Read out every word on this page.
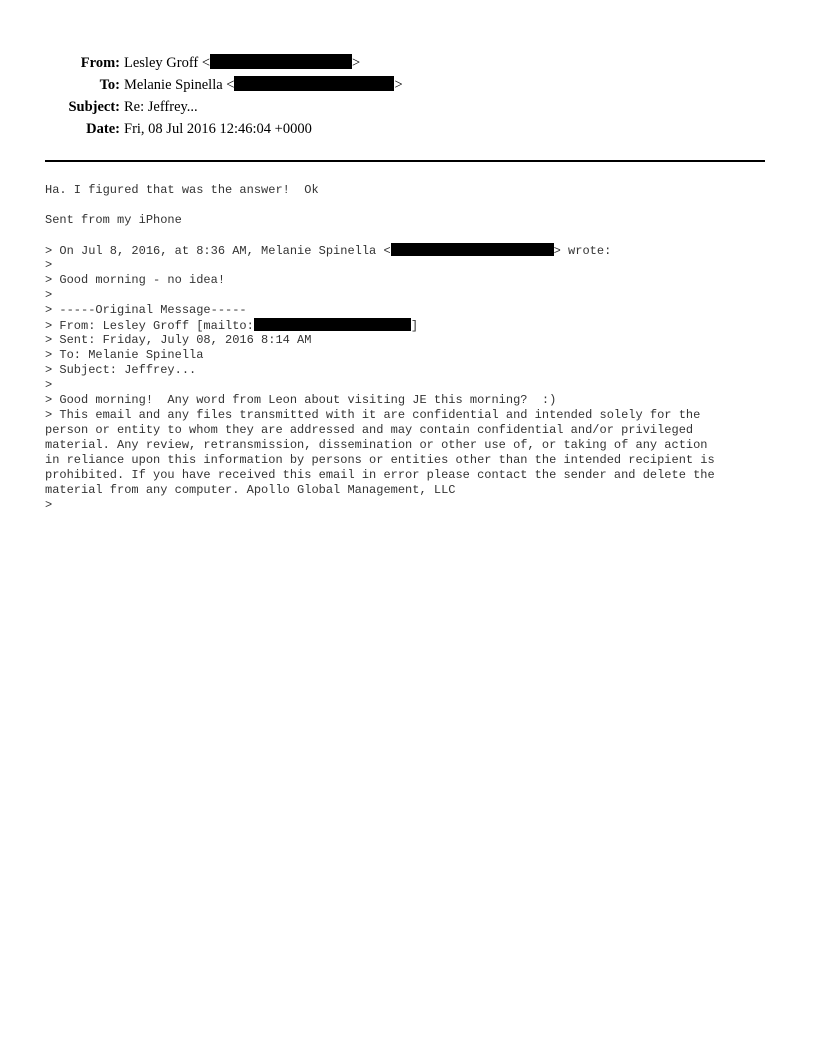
From: Lesley Groff <	>
To: Melanie Spinella <	>
Subject: Re: Jeffrey...
Date: Fri, 08 Jul 2016 12:46:04 +0000
Ha. I figured that was the answer!  Ok
Sent from my iPhone
> On Jul 8, 2016, at 8:36 AM, Melanie Spinella <	> wrote:
>
> Good morning - no idea!
>
> -----Original Message-----
> From: Lesley Groff [mailto:	]
> Sent: Friday, July 08, 2016 8:14 AM
> To: Melanie Spinella
> Subject: Jeffrey...
>
> Good morning!  Any word from Leon about visiting JE this morning?  :)
> This email and any files transmitted with it are confidential and intended solely for the
person or entity to whom they are addressed and may contain confidential and/or privileged
material. Any review, retransmission, dissemination or other use of, or taking of any action
in reliance upon this information by persons or entities other than the intended recipient is
prohibited. If you have received this email in error please contact the sender and delete the
material from any computer. Apollo Global Management, LLC
>
